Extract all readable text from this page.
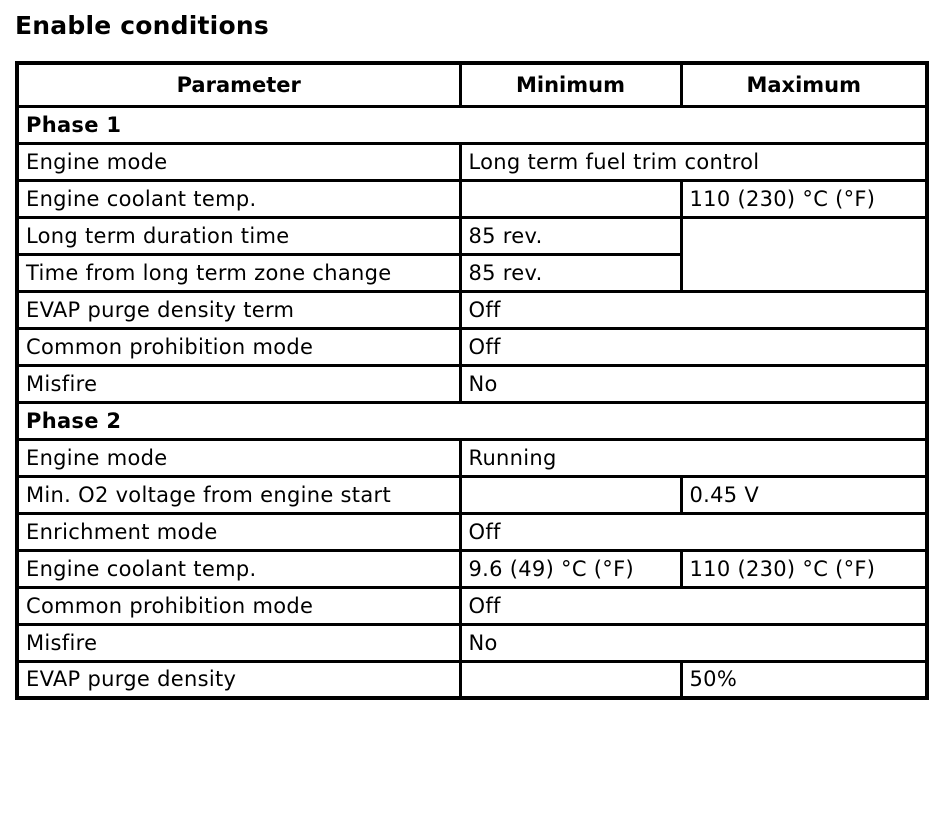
Enable conditions
Parameter	Minimum	Maximum
Phase 1		
Engine mode	Long term fuel trim control	
Engine coolant temp.		110 (230) °C (°F)
Long term duration time	85 rev.	
Time from long term zone change	85 rev.	
EVAP purge density term	Off	
Common prohibition mode	Off	
Misfire	No	
Phase 2		
Engine mode	Running	
Min. O2 voltage from engine start		0.45 V
Enrichment mode	Off	
Engine coolant temp.	9.6 (49) °C (°F)	110 (230) °C (°F)
Common prohibition mode	Off	
Misfire	No	
EVAP purge density		50%
